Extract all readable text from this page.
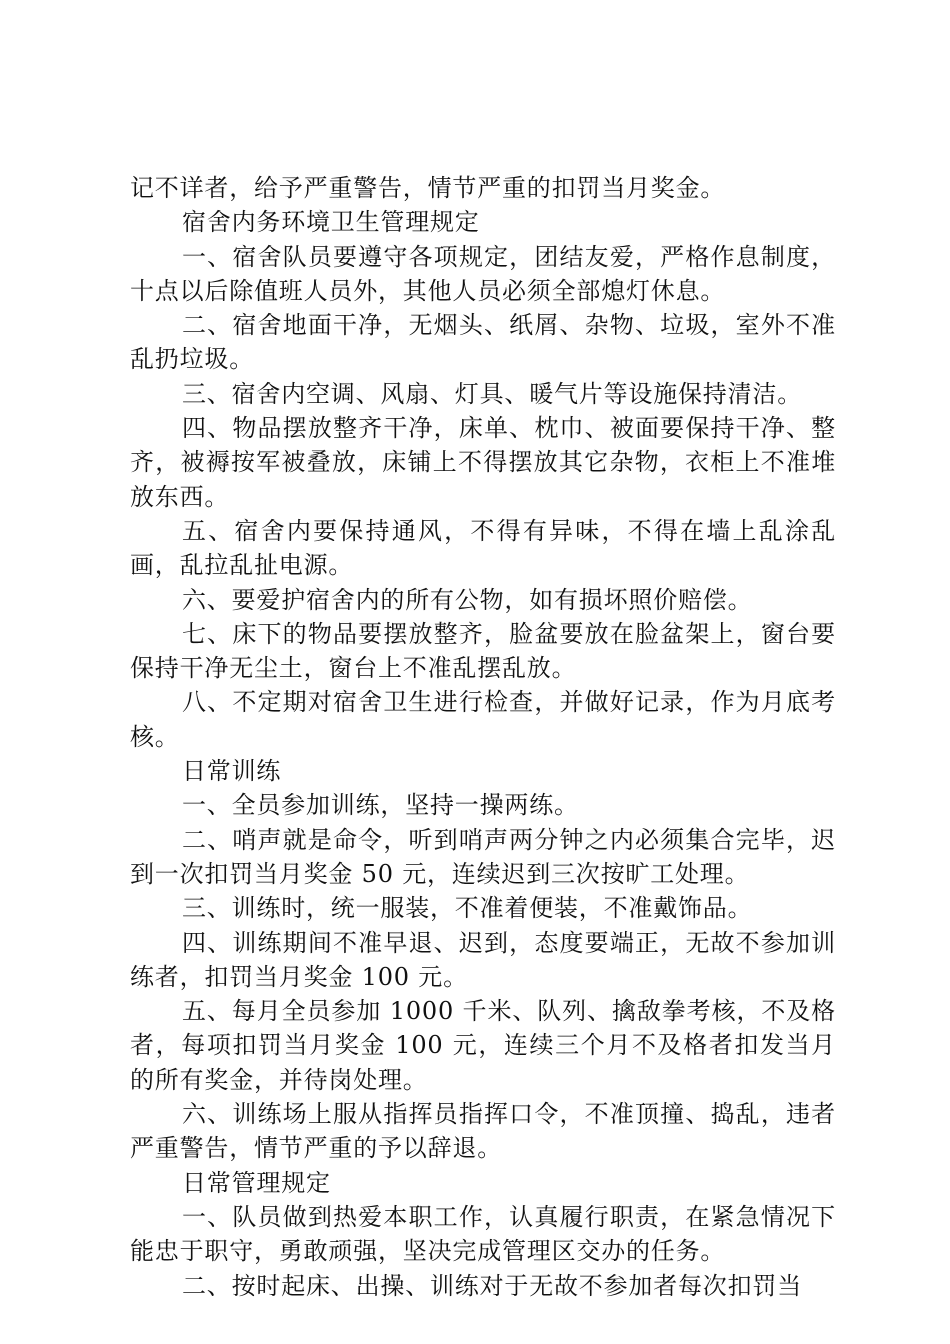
记不详者，给予严重警告，情节严重的扣罚当月奖金。

宿舍内务环境卫生管理规定

一、宿舍队员要遵守各项规定，团结友爱，严格作息制度，十点以后除值班人员外，其他人员必须全部熄灯休息。

二、宿舍地面干净，无烟头、纸屑、杂物、垃圾，室外不准乱扔垃圾。

三、宿舍内空调、风扇、灯具、暖气片等设施保持清洁。

四、物品摆放整齐干净，床单、枕巾、被面要保持干净、整齐，被褥按军被叠放，床铺上不得摆放其它杂物，衣柜上不准堆放东西。

五、宿舍内要保持通风，不得有异味，不得在墙上乱涂乱画，乱拉乱扯电源。

六、要爱护宿舍内的所有公物，如有损坏照价赔偿。

七、床下的物品要摆放整齐，脸盆要放在脸盆架上，窗台要保持干净无尘土，窗台上不准乱摆乱放。

八、不定期对宿舍卫生进行检查，并做好记录，作为月底考核。

日常训练

一、全员参加训练，坚持一操两练。

二、哨声就是命令，听到哨声两分钟之内必须集合完毕，迟到一次扣罚当月奖金 50 元，连续迟到三次按旷工处理。

三、训练时，统一服装，不准着便装，不准戴饰品。

四、训练期间不准早退、迟到，态度要端正，无故不参加训练者，扣罚当月奖金 100 元。

五、每月全员参加 1000 千米、队列、擒敌拳考核，不及格者，每项扣罚当月奖金 100 元，连续三个月不及格者扣发当月的所有奖金，并待岗处理。

六、训练场上服从指挥员指挥口令，不准顶撞、捣乱，违者严重警告，情节严重的予以辞退。

日常管理规定

一、队员做到热爱本职工作，认真履行职责，在紧急情况下能忠于职守，勇敢顽强，坚决完成管理区交办的任务。

二、按时起床、出操、训练对于无故不参加者每次扣罚当
